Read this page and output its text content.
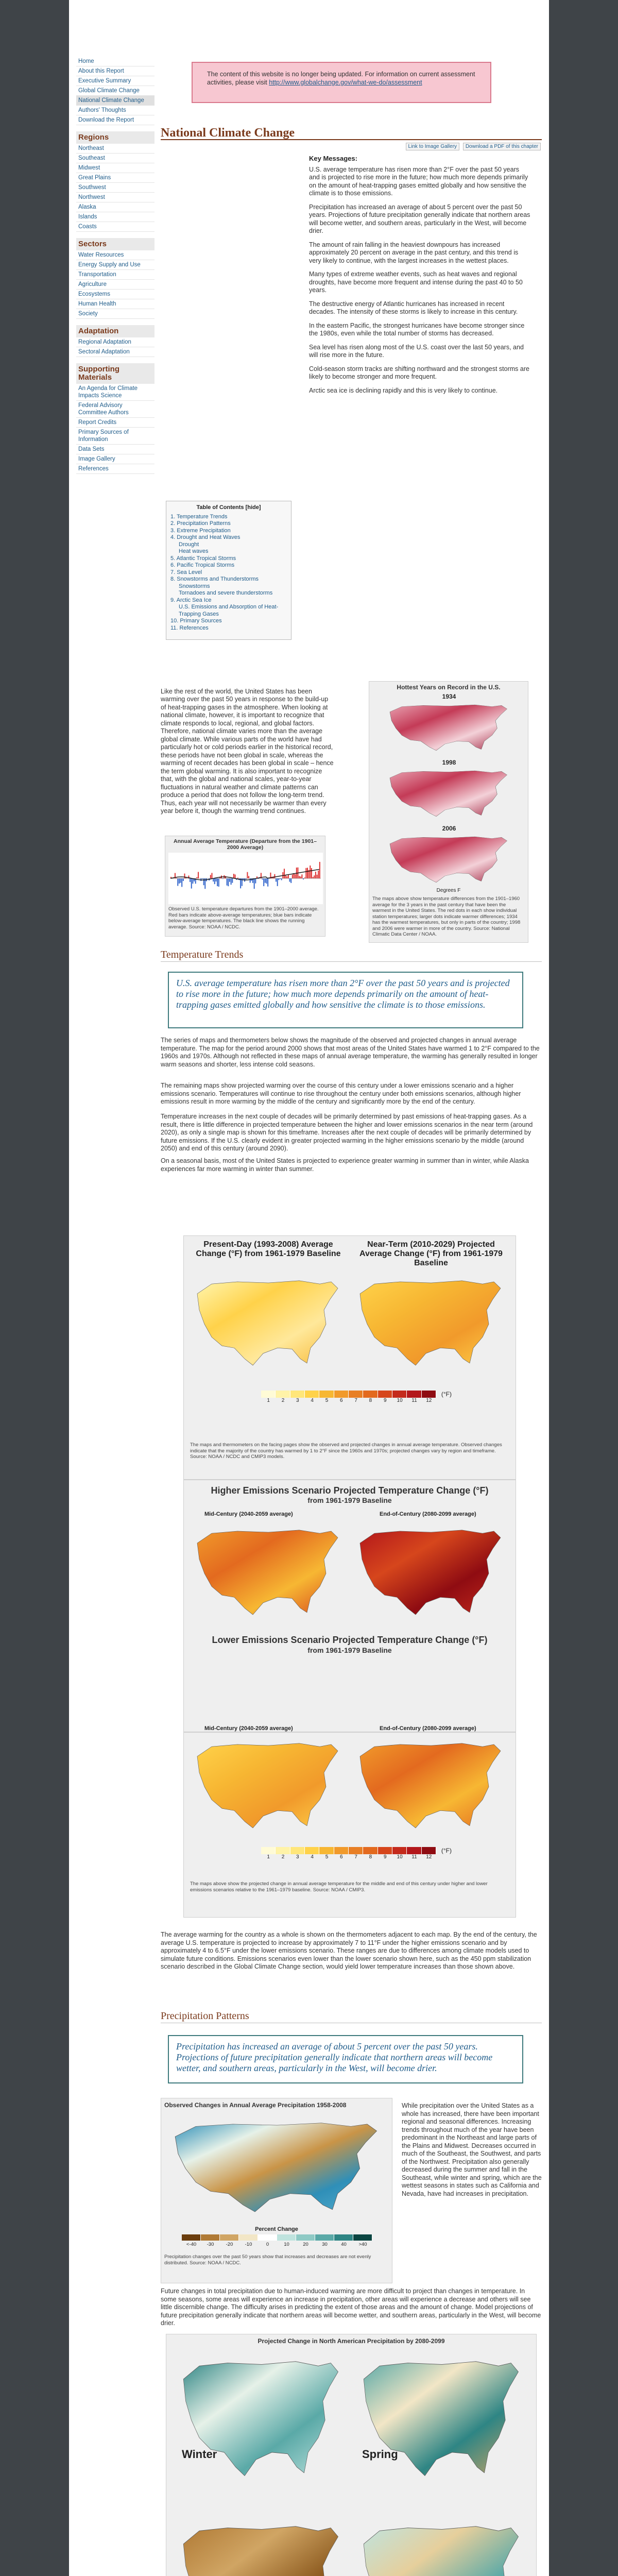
Home
About this Report
Executive Summary
Global Climate Change
National Climate Change
Authors' Thoughts
Download the Report
Regions
Northeast
Southeast
Midwest
Great Plains
Southwest
Northwest
Alaska
Islands
Coasts
Sectors
Water Resources
Energy Supply and Use
Transportation
Agriculture
Ecosystems
Human Health
Society
Adaptation
Regional Adaptation
Sectoral Adaptation
Supporting Materials
An Agenda for Climate Impacts Science
Federal Advisory Committee Authors
Report Credits
Primary Sources of Information
Data Sets
Image Gallery
References
The content of this website is no longer being updated. For information on current assessment activities, please visit http://www.globalchange.gov/what-we-do/assessment
National Climate Change
Link to Image Gallery Download a PDF of this chapter
Key Messages:

U.S. average temperature has risen more than 2°F over the past 50 years and is projected to rise more in the future; how much more depends primarily on the amount of heat-trapping gases emitted globally and how sensitive the climate is to those emissions.

Precipitation has increased an average of about 5 percent over the past 50 years. Projections of future precipitation generally indicate that northern areas will become wetter, and southern areas, particularly in the West, will become drier.

The amount of rain falling in the heaviest downpours has increased approximately 20 percent on average in the past century, and this trend is very likely to continue, with the largest increases in the wettest places.

Many types of extreme weather events, such as heat waves and regional droughts, have become more frequent and intense during the past 40 to 50 years.

The destructive energy of Atlantic hurricanes has increased in recent decades. The intensity of these storms is likely to increase in this century.

In the eastern Pacific, the strongest hurricanes have become stronger since the 1980s, even while the total number of storms has decreased.

Sea level has risen along most of the U.S. coast over the last 50 years, and will rise more in the future.

Cold-season storm tracks are shifting northward and the strongest storms are likely to become stronger and more frequent.

Arctic sea ice is declining rapidly and this is very likely to continue.

Table of Contents [hide]
1. Temperature Trends
2. Precipitation Patterns
3. Extreme Precipitation
4. Drought and Heat Waves
Drought
Heat waves
5. Atlantic Tropical Storms
6. Pacific Tropical Storms
7. Sea Level
8. Snowstorms and Thunderstorms
Snowstorms
Tornadoes and severe thunderstorms
9. Arctic Sea Ice
U.S. Emissions and Absorption of Heat-Trapping Gases
10. Primary Sources
11. References

Like the rest of the world, the United States has been warming over the past 50 years in response to the build-up of heat-trapping gases in the atmosphere. When looking at national climate, however, it is important to recognize that climate responds to local, regional, and global factors. Therefore, national climate varies more than the average global climate. While various parts of the world have had particularly hot or cold periods earlier in the historical record, these periods have not been global in scale, whereas the warming of recent decades has been global in scale – hence the term global warming. It is also important to recognize that, with the global and national scales, year-to-year fluctuations in natural weather and climate patterns can produce a period that does not follow the long-term trend. Thus, each year will not necessarily be warmer than every year before it, though the warming trend continues.

Annual Average Temperature (Departure from the 1901–2000 Average)
Observed U.S. temperature departures from the 1901–2000 average. Red bars indicate above-average temperatures; blue bars indicate below-average temperatures. The black line shows the running average. Source: NOAA / NCDC.
Hottest Years on Record in the U.S.
1934
1998
2006
The maps above show temperature differences from the 1901–1960 average for the 3 years in the past century that have been the warmest in the United States. The red dots in each show individual station temperatures; larger dots indicate warmer differences; 1934 has the warmest temperatures, but only in parts of the country; 1998 and 2006 were warmer in more of the country. Source: National Climatic Data Center / NOAA.
Degrees F
Temperature Trends
U.S. average temperature has risen more than 2°F over the past 50 years and is projected to rise more in the future; how much more depends primarily on the amount of heat-trapping gases emitted globally and how sensitive the climate is to those emissions.

The series of maps and thermometers below shows the magnitude of the observed and projected changes in annual average temperature. The map for the period around 2000 shows that most areas of the United States have warmed 1 to 2°F compared to the 1960s and 1970s. Although not reflected in these maps of annual average temperature, the warming has generally resulted in longer warm seasons and shorter, less intense cold seasons.

The remaining maps show projected warming over the course of this century under a lower emissions scenario and a higher emissions scenario. Temperatures will continue to rise throughout the century under both emissions scenarios, although higher emissions result in more warming by the middle of the century and significantly more by the end of the century.

Temperature increases in the next couple of decades will be primarily determined by past emissions of heat-trapping gases. As a result, there is little difference in projected temperature between the higher and lower emissions scenarios in the near term (around 2020), as only a single map is shown for this timeframe. Increases after the next couple of decades will be primarily determined by future emissions. If the U.S. clearly evident in greater projected warming in the higher emissions scenario by the middle (around 2050) and end of this century (around 2090).

On a seasonal basis, most of the United States is projected to experience greater warming in summer than in winter, while Alaska experiences far more warming in winter than summer.

Present-Day (1993-2008) Average Change (°F) from 1961-1979 Baseline
Near-Term (2010-2029) Projected Average Change (°F) from 1961-1979 Baseline
1	2	3	4	5	6	7	8	9	10	11	12
(°F)
The maps and thermometers on the facing pages show the observed and projected changes in annual average temperature. Observed changes indicate that the majority of the country has warmed by 1 to 2°F since the 1960s and 1970s; projected changes vary by region and timeframe. Source: NOAA / NCDC and CMIP3 models.
Higher Emissions Scenario Projected Temperature Change (°F)
from 1961-1979 Baseline
Mid-Century (2040-2059 average)	End-of-Century (2080-2099 average)
Lower Emissions Scenario Projected Temperature Change (°F)
from 1961-1979 Baseline
Mid-Century (2040-2059 average)	End-of-Century (2080-2099 average)
1	2	3	4	5	6	7	8	9	10	11	12
(°F)
The maps above show the projected change in annual average temperature for the middle and end of this century under higher and lower emissions scenarios relative to the 1961–1979 baseline. Source: NOAA / CMIP3.

The average warming for the country as a whole is shown on the thermometers adjacent to each map. By the end of the century, the average U.S. temperature is projected to increase by approximately 7 to 11°F under the higher emissions scenario and by approximately 4 to 6.5°F under the lower emissions scenario. These ranges are due to differences among climate models used to simulate future conditions. Emissions scenarios even lower than the lower scenario shown here, such as the 450 ppm stabilization scenario described in the Global Climate Change section, would yield lower temperature increases than those shown above.

Precipitation Patterns
Precipitation has increased an average of about 5 percent over the past 50 years. Projections of future precipitation generally indicate that northern areas will become wetter, and southern areas, particularly in the West, will become drier.
Observed Changes in Annual Average Precipitation 1958-2008
Percent Change
<-40	-30	-20	-10	0	10	20	30	40	>40
Precipitation changes over the past 50 years show that increases and decreases are not evenly distributed. Source: NOAA / NCDC.

While precipitation over the United States as a whole has increased, there have been important regional and seasonal differences. Increasing trends throughout much of the year have been predominant in the Northeast and large parts of the Plains and Midwest. Decreases occurred in much of the Southeast, the Southwest, and parts of the Northwest. Precipitation also generally decreased during the summer and fall in the Southeast, while winter and spring, which are the wettest seasons in states such as California and Nevada, have had increases in precipitation.

Future changes in total precipitation due to human-induced warming are more difficult to project than changes in temperature. In some seasons, some areas will experience an increase in precipitation, other areas will experience a decrease and others will see little discernible change. The difficulty arises in predicting the extent of those areas and the amount of change. Model projections of future precipitation generally indicate that northern areas will become wetter, and southern areas, particularly in the West, will become drier.

Projected Change in North American Precipitation by 2080-2099
Winter	Spring
